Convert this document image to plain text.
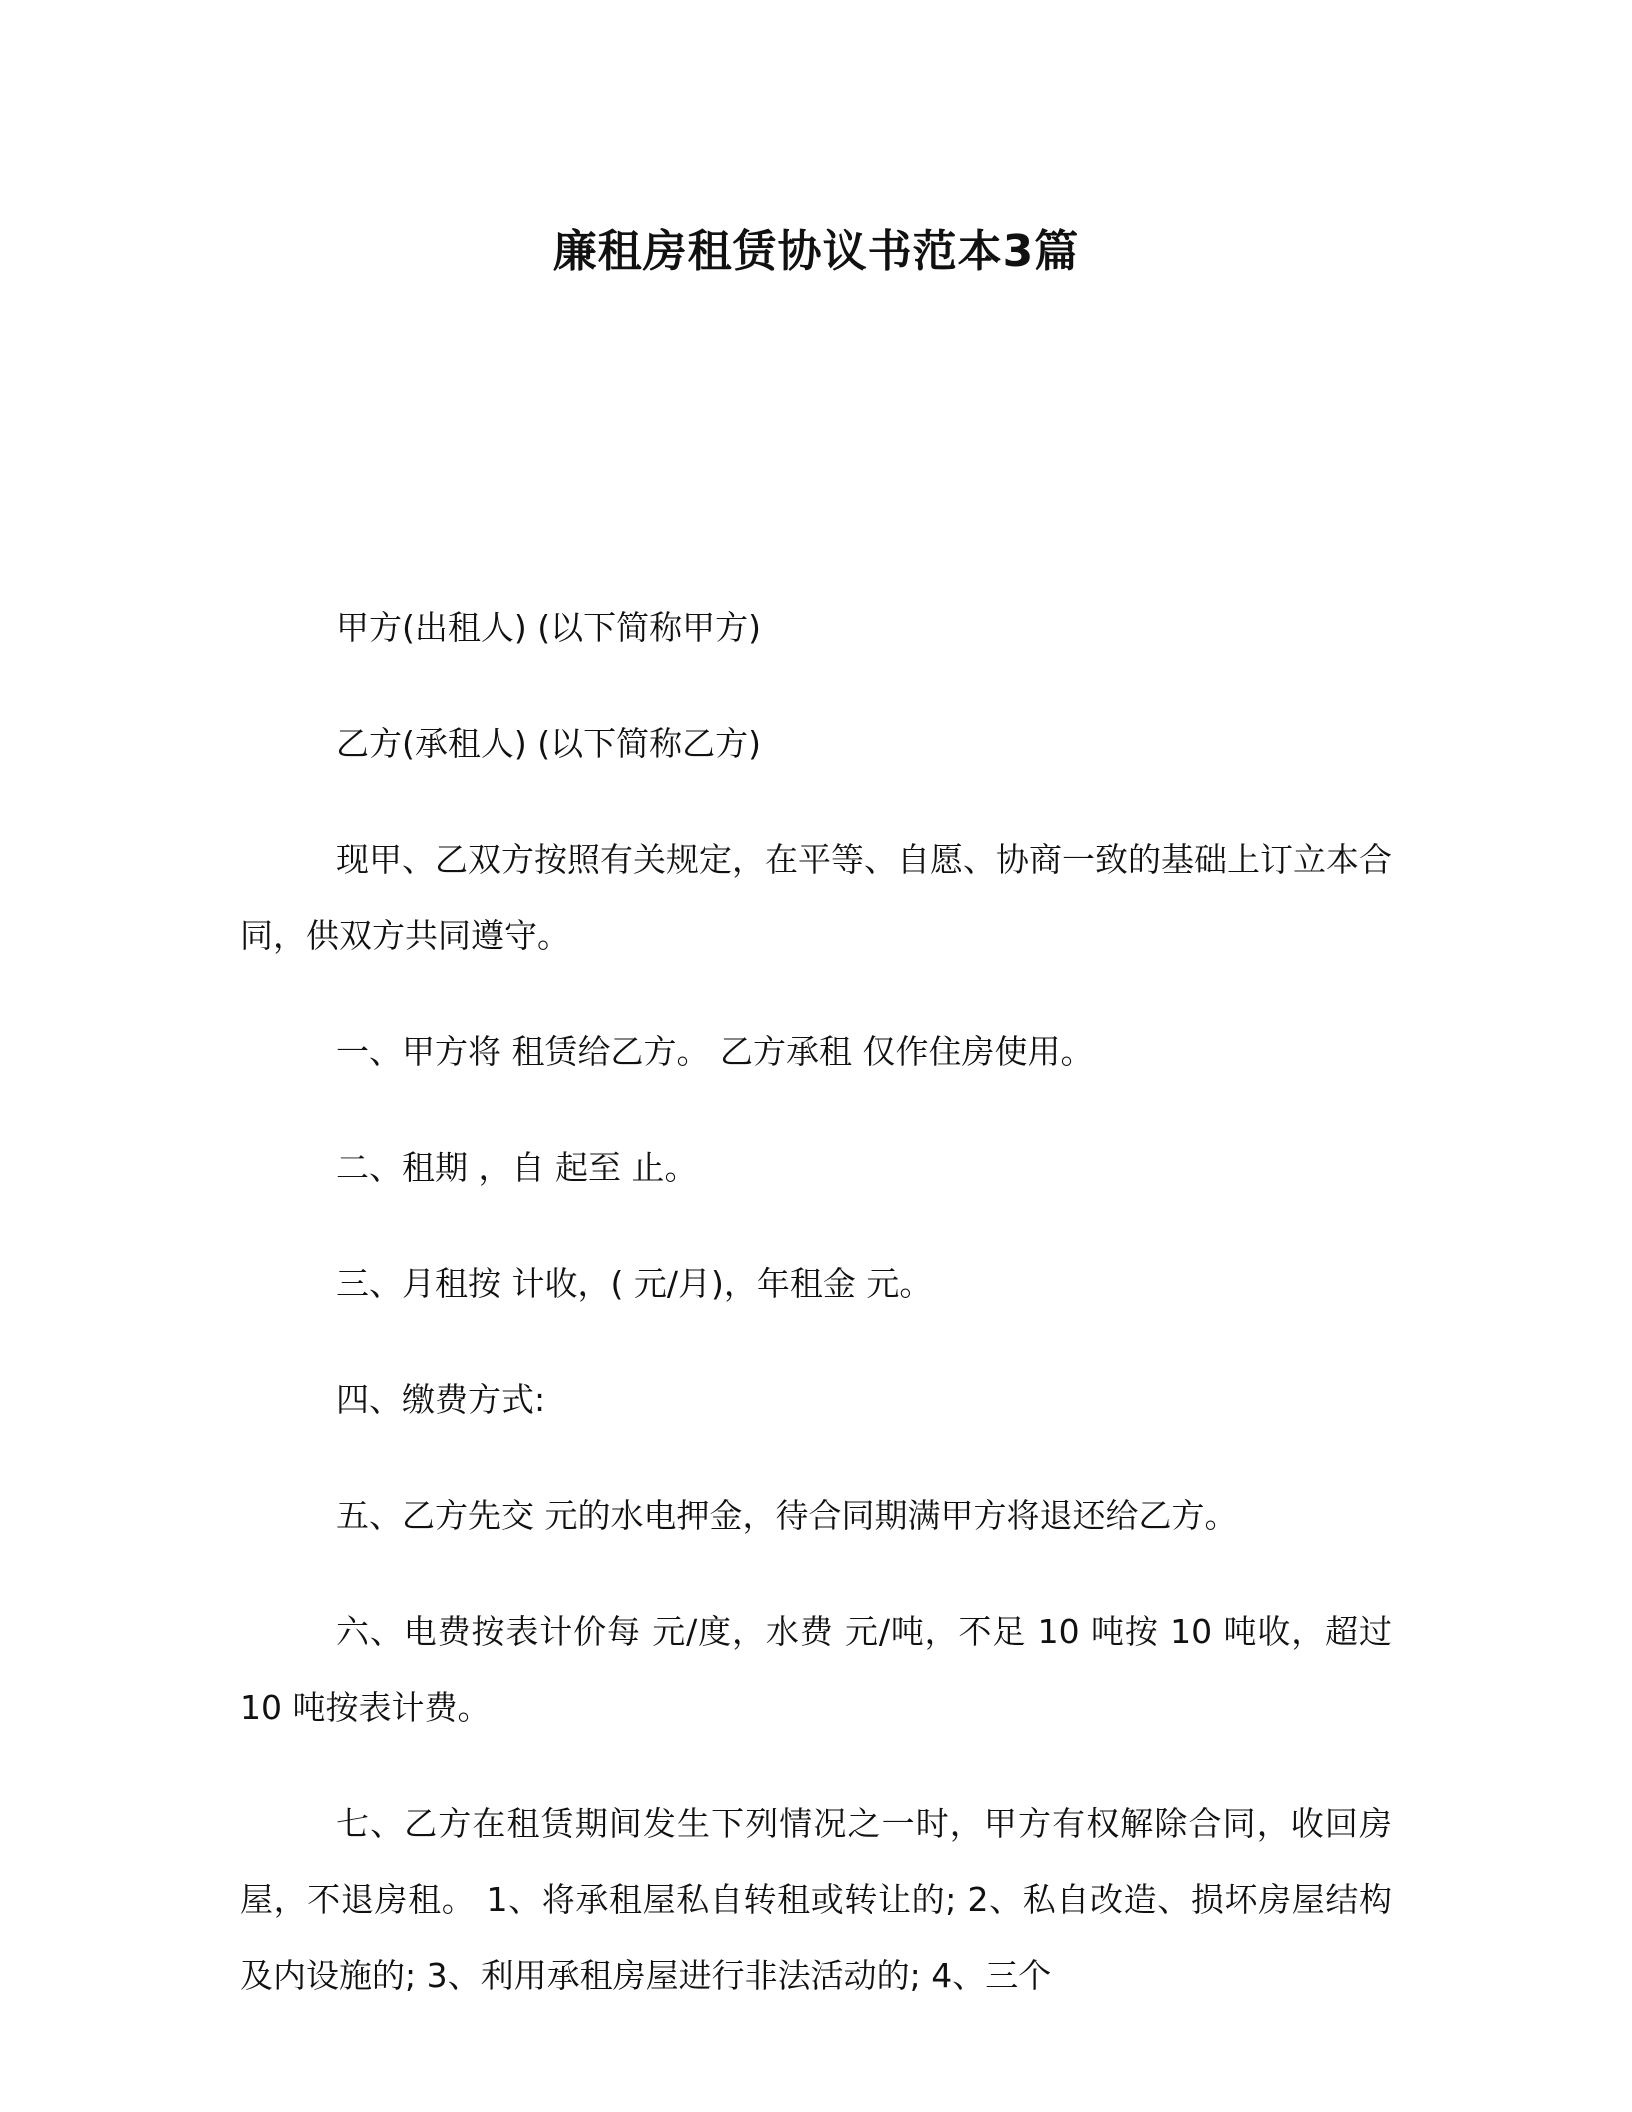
廉租房租赁协议书范本3篇

甲方(出租人) (以下简称甲方)

乙方(承租人) (以下简称乙方)

现甲、乙双方按照有关规定，在平等、自愿、协商一致的基础上订立本合同，供双方共同遵守。

一、甲方将 租赁给乙方。 乙方承租 仅作住房使用。

二、租期 ，自 起至 止。

三、月租按 计收，( 元/月)，年租金 元。

四、缴费方式:

五、乙方先交 元的水电押金，待合同期满甲方将退还给乙方。

六、电费按表计价每 元/度，水费 元/吨，不足 10 吨按 10 吨收，超过 10 吨按表计费。

七、乙方在租赁期间发生下列情况之一时，甲方有权解除合同，收回房屋，不退房租。 1、将承租屋私自转租或转让的; 2、私自改造、损坏房屋结构及内设施的; 3、利用承租房屋进行非法活动的; 4、三个
